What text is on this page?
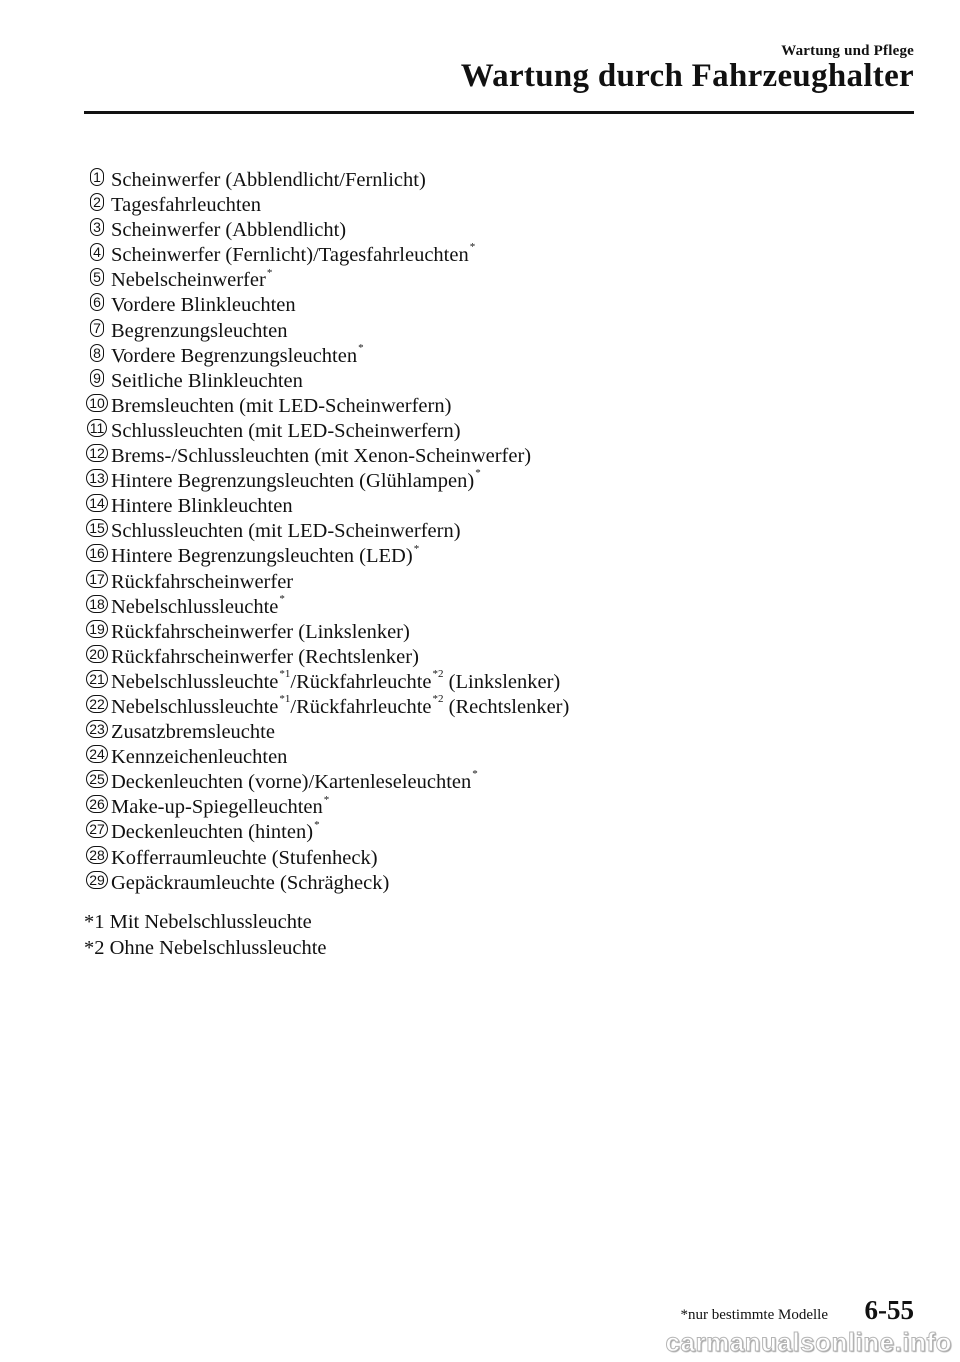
Wartung und Pflege
Wartung durch Fahrzeughalter
1 Scheinwerfer (Abblendlicht/Fernlicht)
2 Tagesfahrleuchten
3 Scheinwerfer (Abblendlicht)
4 Scheinwerfer (Fernlicht)/Tagesfahrleuchten*
5 Nebelscheinwerfer*
6 Vordere Blinkleuchten
7 Begrenzungsleuchten
8 Vordere Begrenzungsleuchten*
9 Seitliche Blinkleuchten
10 Bremsleuchten (mit LED-Scheinwerfern)
11 Schlussleuchten (mit LED-Scheinwerfern)
12 Brems-/Schlussleuchten (mit Xenon-Scheinwerfer)
13 Hintere Begrenzungsleuchten (Glühlampen)*
14 Hintere Blinkleuchten
15 Schlussleuchten (mit LED-Scheinwerfern)
16 Hintere Begrenzungsleuchten (LED)*
17 Rückfahrscheinwerfer
18 Nebelschlussleuchte*
19 Rückfahrscheinwerfer (Linkslenker)
20 Rückfahrscheinwerfer (Rechtslenker)
21 Nebelschlussleuchte$^{*1}$/Rückfahrleuchte$^{*2}$ (Linkslenker)
22 Nebelschlussleuchte$^{*1}$/Rückfahrleuchte$^{*2}$ (Rechtslenker)
23 Zusatzbremsleuchte
24 Kennzeichenleuchten
25 Deckenleuchten (vorne)/Kartenleseleuchten*
26 Make-up-Spiegelleuchten*
27 Deckenleuchten (hinten)*
28 Kofferraumleuchte (Stufenheck)
29 Gepäckraumleuchte (Schrägheck)
*1 Mit Nebelschlussleuchte
*2 Ohne Nebelschlussleuchte
*nur bestimmte Modelle 6-55
carmanualsonline.info
